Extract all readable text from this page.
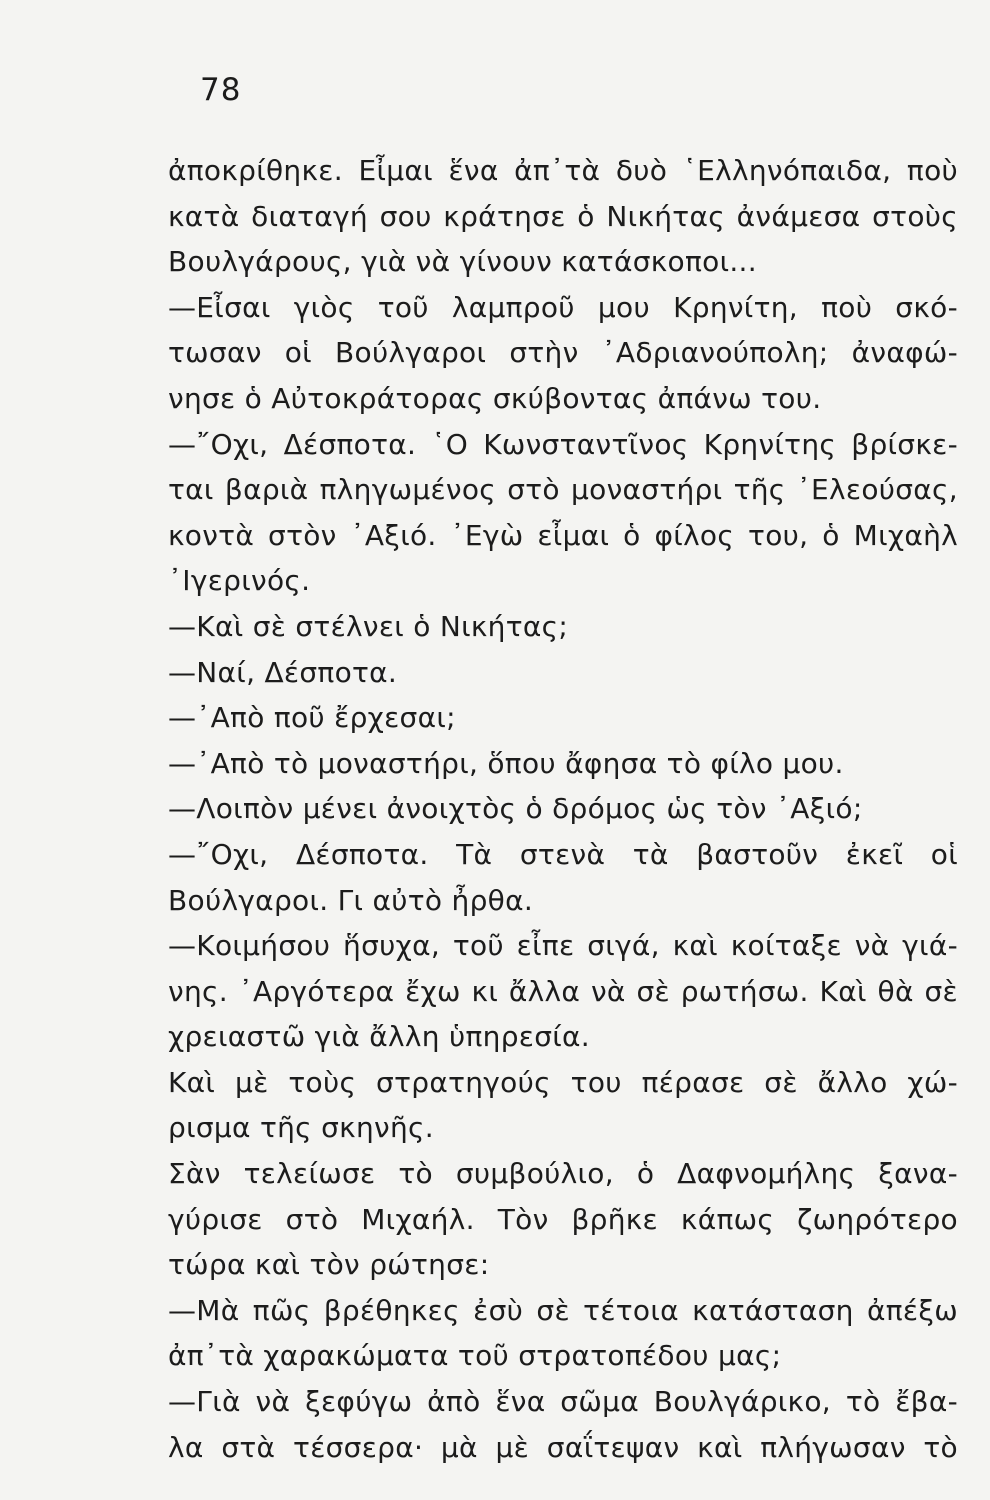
78
ἀποκρίθηκε. Εἶμαι ἕνα ἀπ᾿τὰ δυὸ ῾Ελληνόπαιδα, ποὺ
κατὰ διαταγή σου κράτησε ὁ Νικήτας ἀνάμεσα στοὺς
Βουλγάρους, γιὰ νὰ γίνουν κατάσκοποι...
—Εἶσαι γιὸς τοῦ λαμπροῦ μου Κρηνίτη, ποὺ σκό-
τωσαν οἱ Βούλγαροι στὴν ᾿Αδριανούπολη; ἀναφώ-
νησε ὁ Αὐτοκράτορας σκύβοντας ἀπάνω του.
—῎Οχι, Δέσποτα. ῾Ο Κωνσταντῖνος Κρηνίτης βρίσκε-
ται βαριὰ πληγωμένος στὸ μοναστήρι τῆς ᾿Ελεούσας,
κοντὰ στὸν ᾿Αξιό. ᾿Εγὼ εἶμαι ὁ φίλος του, ὁ Μιχαὴλ
᾿Ιγερινός.
—Καὶ σὲ στέλνει ὁ Νικήτας;
—Ναί, Δέσποτα.
—᾿Απὸ ποῦ ἔρχεσαι;
—᾿Απὸ τὸ μοναστήρι, ὅπου ἄφησα τὸ φίλο μου.
—Λοιπὸν μένει ἀνοιχτὸς ὁ δρόμος ὡς τὸν ᾿Αξιό;
—῎Οχι, Δέσποτα. Τὰ στενὰ τὰ βαστοῦν ἐκεῖ οἱ
Βούλγαροι. Γι αὐτὸ ἦρθα.
—Κοιμήσου ἥσυχα, τοῦ εἶπε σιγά, καὶ κοίταξε νὰ γιά-
νης. ᾿Αργότερα ἔχω κι ἄλλα νὰ σὲ ρωτήσω. Καὶ θὰ σὲ
χρειαστῶ γιὰ ἄλλη ὑπηρεσία.
Καὶ μὲ τοὺς στρατηγούς του πέρασε σὲ ἄλλο χώ-
ρισμα τῆς σκηνῆς.
Σὰν τελείωσε τὸ συμβούλιο, ὁ Δαφνομήλης ξανα-
γύρισε στὸ Μιχαήλ. Τὸν βρῆκε κάπως ζωηρότερο
τώρα καὶ τὸν ρώτησε:
—Μὰ πῶς βρέθηκες ἐσὺ σὲ τέτοια κατάσταση ἀπέξω
ἀπ᾿τὰ χαρακώματα τοῦ στρατοπέδου μας;
—Γιὰ νὰ ξεφύγω ἀπὸ ἕνα σῶμα Βουλγάρικο, τὸ ἔβα-
λα στὰ τέσσερα· μὰ μὲ σαΐτεψαν καὶ πλήγωσαν τὸ
